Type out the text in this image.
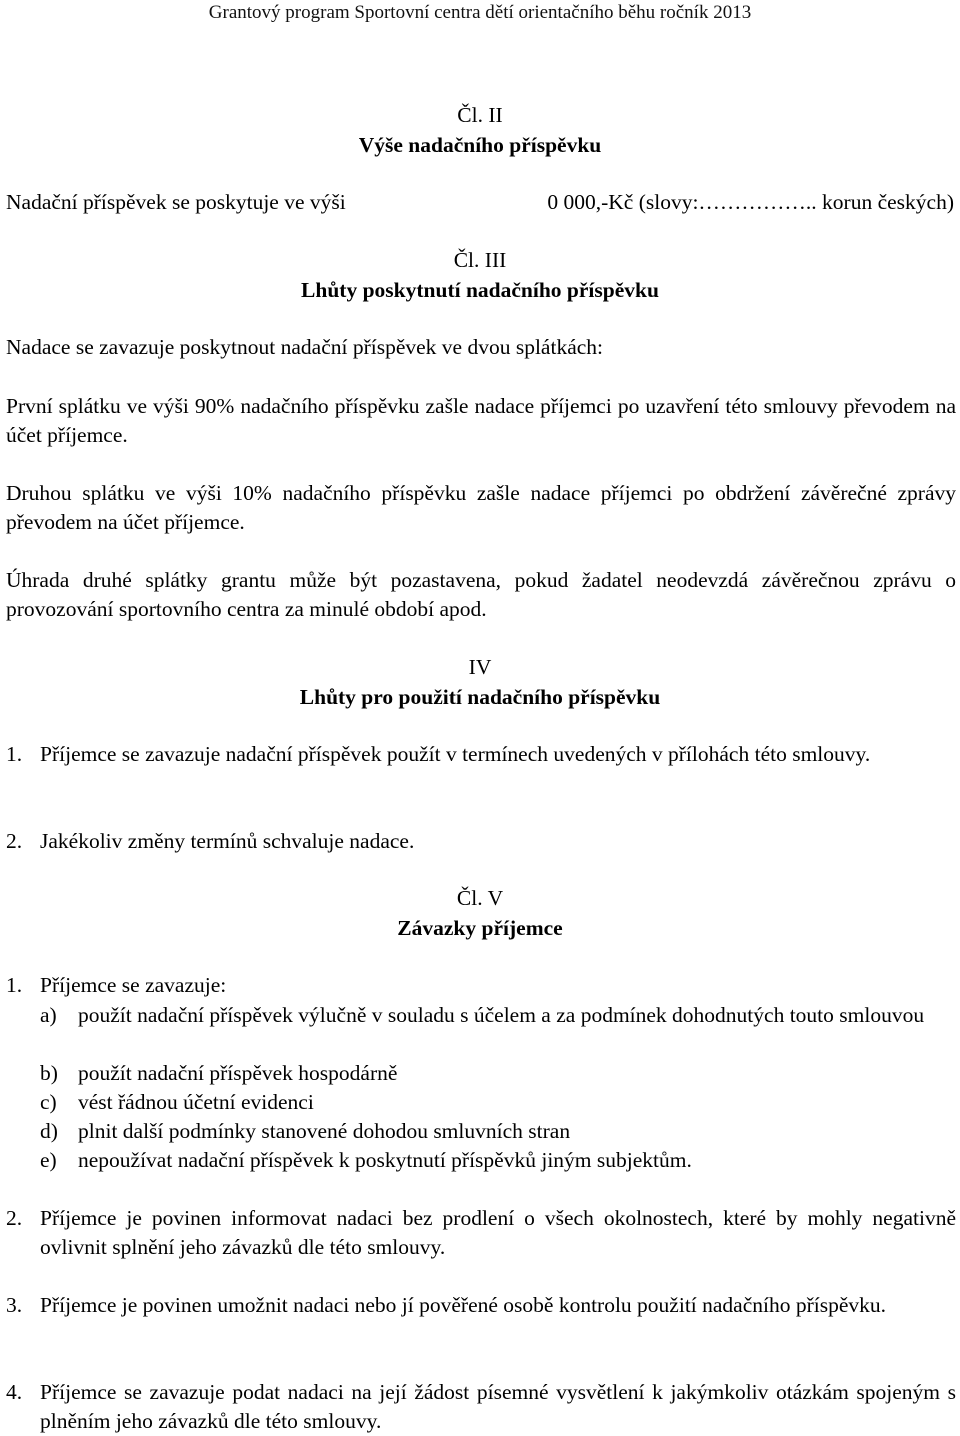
Grantový program Sportovní centra dětí orientačního běhu ročník 2013
Čl. II
Výše nadačního příspěvku
Nadační příspěvek se poskytuje ve výši	0 000,-Kč (slovy:…………….. korun českých)
Čl. III
Lhůty poskytnutí nadačního příspěvku
Nadace se zavazuje poskytnout nadační příspěvek ve dvou splátkách:
První splátku ve výši 90% nadačního příspěvku zašle nadace příjemci po uzavření této smlouvy převodem na účet příjemce.
Druhou splátku ve výši 10% nadačního příspěvku zašle nadace příjemci po obdržení závěrečné zprávy převodem na účet příjemce.
Úhrada druhé splátky grantu může být pozastavena, pokud žadatel neodevzdá závěrečnou zprávu o provozování sportovního centra za minulé období apod.
IV
Lhůty pro použití nadačního příspěvku
1. Příjemce se zavazuje nadační příspěvek použít v termínech uvedených v přílohách této smlouvy.
2. Jakékoliv změny termínů schvaluje nadace.
Čl. V
Závazky příjemce
1. Příjemce se zavazuje:
a) použít nadační příspěvek výlučně v souladu s účelem a za podmínek dohodnutých touto smlouvou
b) použít nadační příspěvek hospodárně
c) vést řádnou účetní evidenci
d) plnit další podmínky stanovené dohodou smluvních stran
e) nepoužívat nadační příspěvek k poskytnutí příspěvků jiným subjektům.
2. Příjemce je povinen informovat nadaci bez prodlení o všech okolnostech, které by mohly negativně ovlivnit splnění jeho závazků dle této smlouvy.
3. Příjemce je povinen umožnit nadaci nebo jí pověřené osobě kontrolu použití nadačního příspěvku.
4. Příjemce se zavazuje podat nadaci na její žádost písemné vysvětlení k jakýmkoliv otázkám spojeným s plněním jeho závazků dle této smlouvy.
